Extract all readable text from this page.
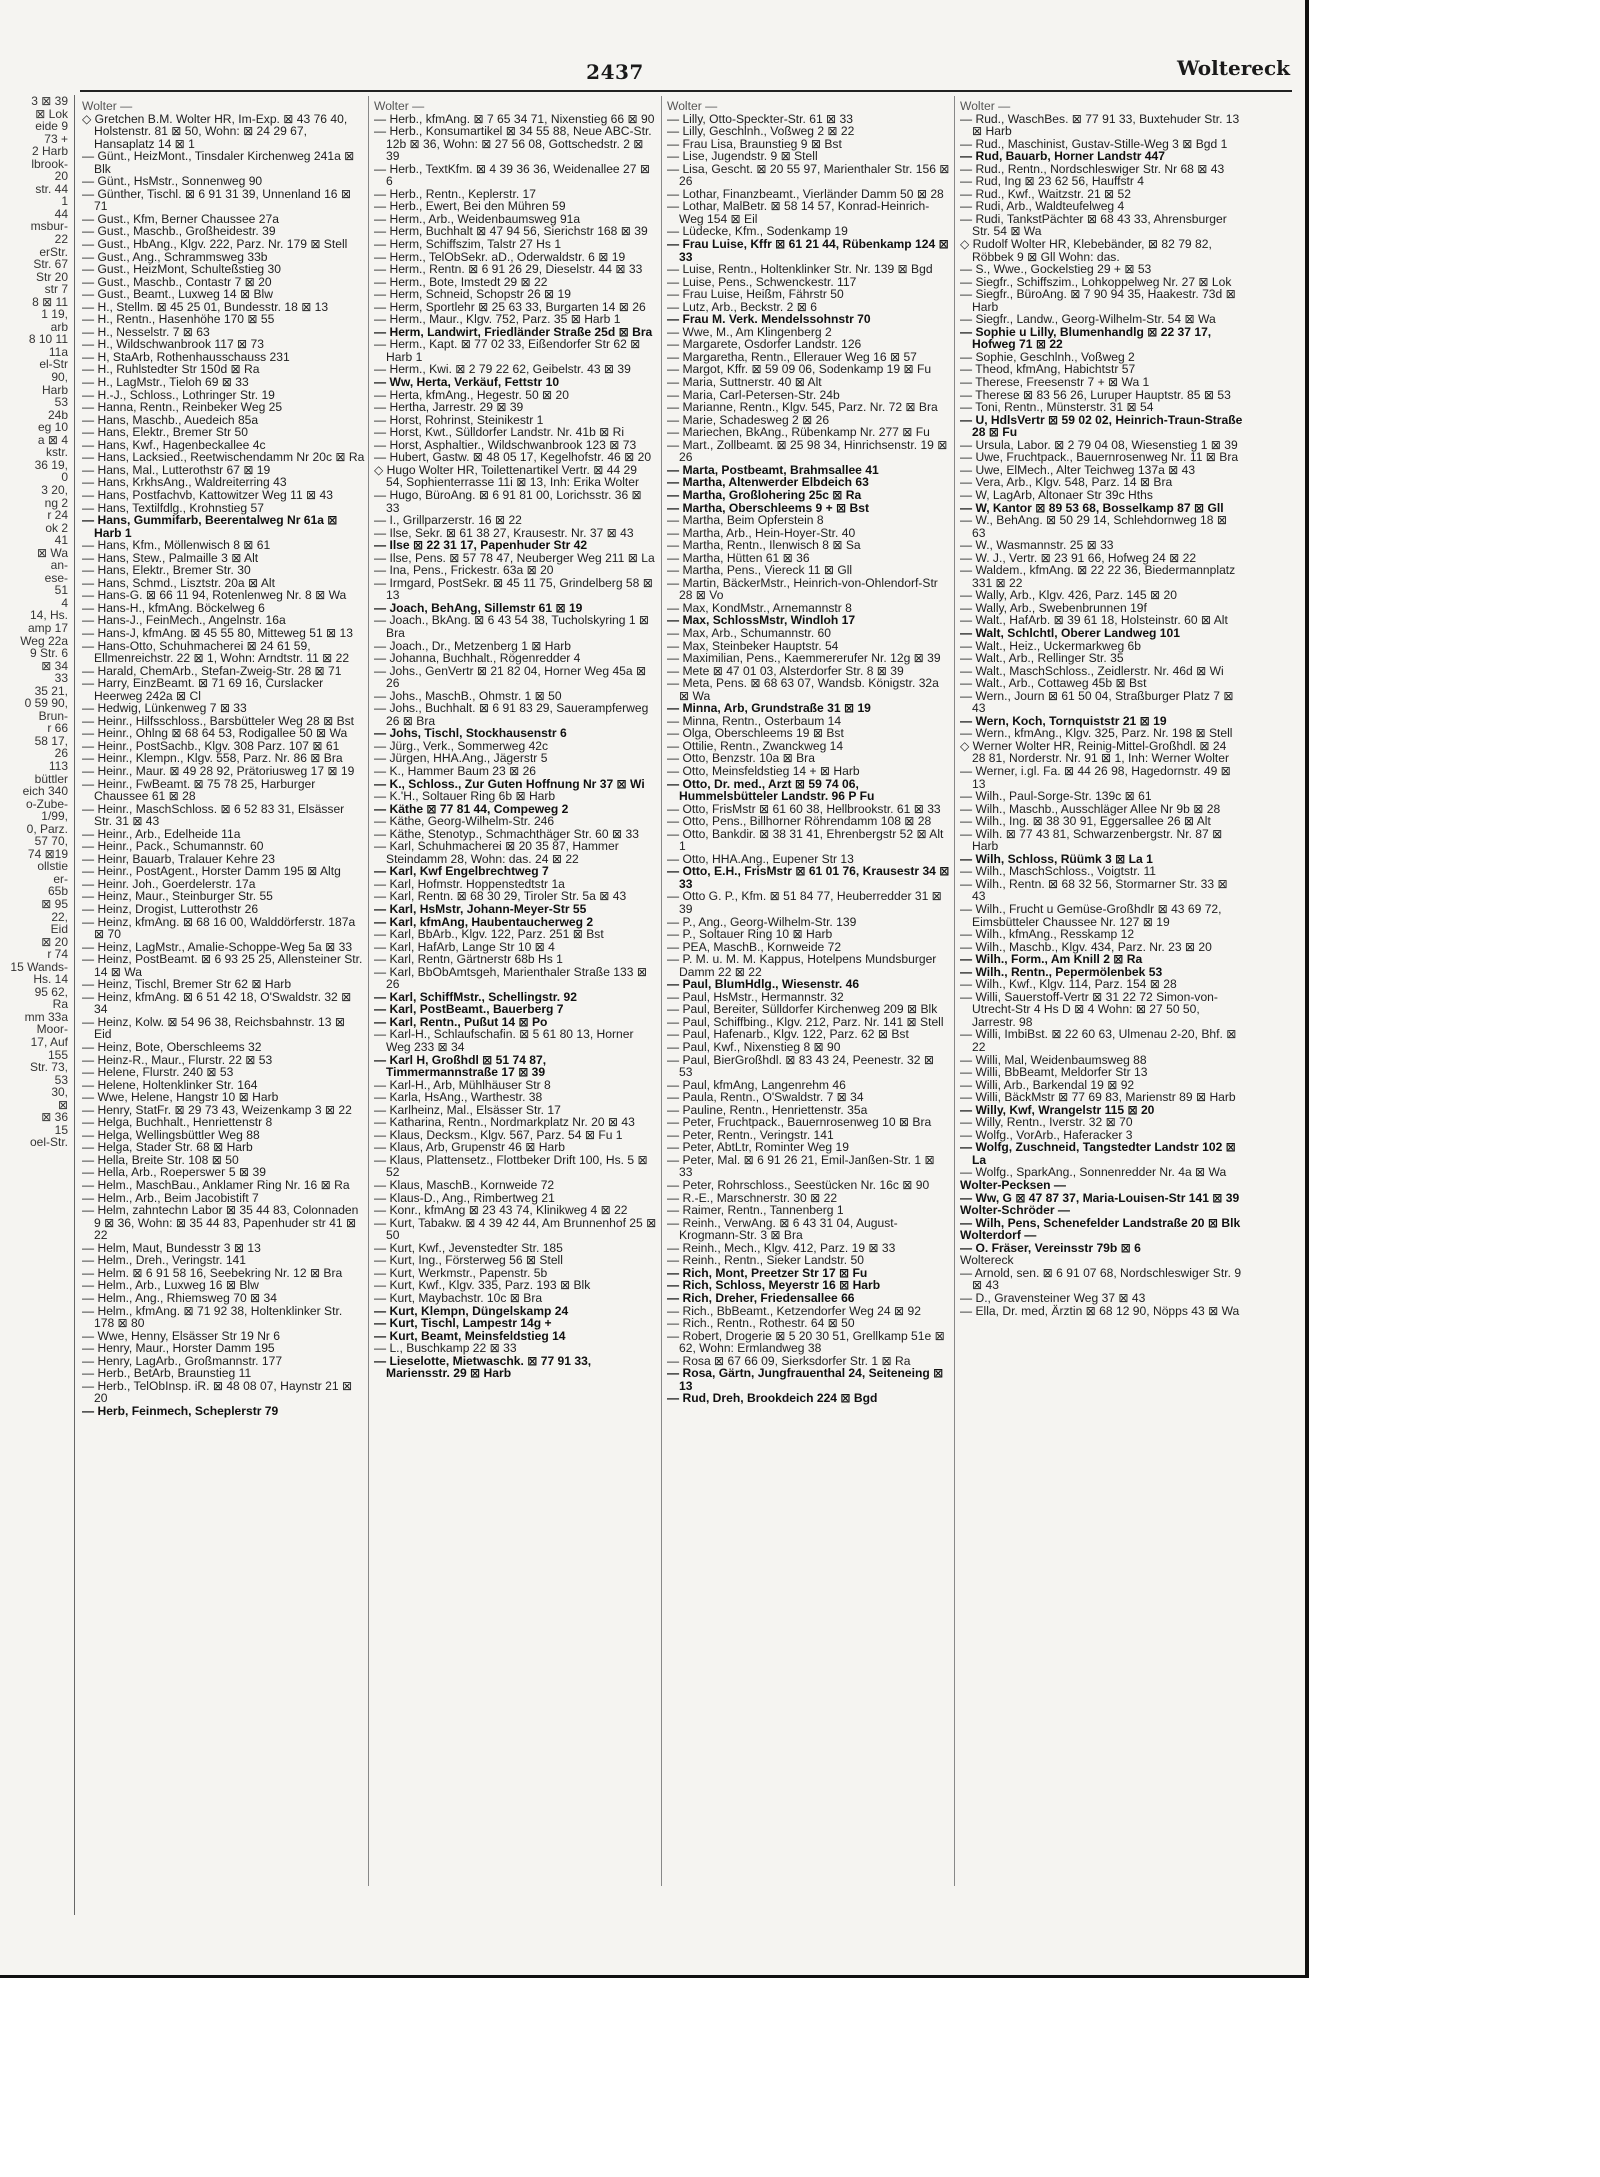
3 ⊠ 39
⊠ Lok
eide 9
73 +
2 Harb
lbrook-
20
str. 44
1
44
msbur-
22
erStr.
Str. 67
Str 20
str 7
8 ⊠ 11
1 19,
arb
8 10 11
11a
el-Str
90,
Harb
53
24b
eg 10
a ⊠ 4
kstr.
36 19,
0
3 20,
ng 2
r 24
ok 2
41
⊠ Wa
an-
ese-
51
4
14, Hs.
amp 17
Weg 22a
9 Str. 6
⊠ 34
33
35 21,
0 59 90,
Brun-
r 66
58 17,
26
113
büttler
eich 340
o-Zube-
1/99,
0, Parz.
57 70,
74 ⊠19
ollstie
er-
65b
⊠ 95
22,
Eid
⊠ 20
r 74
15 Wands-
Hs. 14
95 62,
Ra
mm 33a
Moor-
17, Auf
155
Str. 73,
53
30,
⊠
⊠ 36
15
oel-Str.
2437	Woltereck
Wolter —
◇ Gretchen B.M. Wolter HR, Im-Exp. ⊠ 43 76 40, Holstenstr. 81 ⊠ 50, Wohn: ⊠ 24 29 67, Hansaplatz 14 ⊠ 1
— Günt., HeizMont., Tinsdaler Kirchenweg 241a ⊠ Blk
— Günt., HsMstr., Sonnenweg 90
— Günther, Tischl. ⊠ 6 91 31 39, Unnenland 16 ⊠ 71
— Gust., Kfm, Berner Chaussee 27a
— Gust., Maschb., Großheidestr. 39
— Gust., HbAng., Klgv. 222, Parz. Nr. 179 ⊠ Stell
— Gust., Ang., Schrammsweg 33b
— Gust., HeizMont, Schulteßstieg 30
— Gust., Maschb., Contastr 7 ⊠ 20
— Gust., Beamt., Luxweg 14 ⊠ Blw
— H., Stellm. ⊠ 45 25 01, Bundesstr. 18 ⊠ 13
— H., Rentn., Hasenhöhe 170 ⊠ 55
— H., Nesselstr. 7 ⊠ 63
— H., Wildschwanbrook 117 ⊠ 73
— H, StaArb, Rothenhausschauss 231
— H., Ruhlstedter Str 150d ⊠ Ra
— H., LagMstr., Tieloh 69 ⊠ 33
— H.-J., Schloss., Lothringer Str. 19
— Hanna, Rentn., Reinbeker Weg 25
— Hans, Maschb., Auedeich 85a
— Hans, Elektr., Bremer Str 50
— Hans, Kwf., Hagenbeckallee 4c
— Hans, Lacksied., Reetwischendamm Nr 20c ⊠ Ra
— Hans, Mal., Lutterothstr 67 ⊠ 19
— Hans, KrkhsAng., Waldreiterring 43
— Hans, Postfachvb, Kattowitzer Weg 11 ⊠ 43
— Hans, Textilfdlg., Krohnstieg 57
— Hans, Gummifarb, Beerentalweg Nr 61a ⊠ Harb 1
— Hans, Kfm., Möllenwisch 8 ⊠ 61
— Hans, Stew., Palmaille 3 ⊠ Alt
— Hans, Elektr., Bremer Str. 30
— Hans, Schmd., Lisztstr. 20a ⊠ Alt
— Hans-G. ⊠ 66 11 94, Rotenlenweg Nr. 8 ⊠ Wa
— Hans-H., kfmAng. Böckelweg 6
— Hans-J., FeinMech., Angelnstr. 16a
— Hans-J, kfmAng. ⊠ 45 55 80, Mitteweg 51 ⊠ 13
— Hans-Otto, Schuhmacherei ⊠ 24 61 59, Ellmenreichstr. 22 ⊠ 1, Wohn: Arndtstr. 11 ⊠ 22
— Harald, ChemArb., Stefan-Zweig-Str. 28 ⊠ 71
— Harry, EinzBeamt. ⊠ 71 69 16, Curslacker Heerweg 242a ⊠ Cl
— Hedwig, Lünkenweg 7 ⊠ 33
— Heinr., Hilfsschloss., Barsbütteler Weg 28 ⊠ Bst
— Heinr., Ohlng ⊠ 68 64 53, Rodigallee 50 ⊠ Wa
— Heinr., PostSachb., Klgv. 308 Parz. 107 ⊠ 61
— Heinr., Klempn., Klgv. 558, Parz. Nr. 86 ⊠ Bra
— Heinr., Maur. ⊠ 49 28 92, Prätoriusweg 17 ⊠ 19
— Heinr., FwBeamt. ⊠ 75 78 25, Harburger Chaussee 61 ⊠ 28
— Heinr., MaschSchloss. ⊠ 6 52 83 31, Elsässer Str. 31 ⊠ 43
— Heinr., Arb., Edelheide 11a
— Heinr., Pack., Schumannstr. 60
— Heinr, Bauarb, Tralauer Kehre 23
— Heinr., PostAgent., Horster Damm 195 ⊠ Altg
— Heinr. Joh., Goerdelerstr. 17a
— Heinz, Maur., Steinburger Str. 55
— Heinz, Drogist, Lutterothstr 26
— Heinz, kfmAng. ⊠ 68 16 00, Walddörferstr. 187a ⊠ 70
— Heinz, LagMstr., Amalie-Schoppe-Weg 5a ⊠ 33
— Heinz, PostBeamt. ⊠ 6 93 25 25, Allensteiner Str. 14 ⊠ Wa
— Heinz, Tischl, Bremer Str 62 ⊠ Harb
— Heinz, kfmAng. ⊠ 6 51 42 18, O'Swaldstr. 32 ⊠ 34
— Heinz, Kolw. ⊠ 54 96 38, Reichsbahnstr. 13 ⊠ Eid
— Heinz, Bote, Oberschleems 32
— Heinz-R., Maur., Flurstr. 22 ⊠ 53
— Helene, Flurstr. 240 ⊠ 53
— Helene, Holtenklinker Str. 164
— Wwe, Helene, Hangstr 10 ⊠ Harb
— Henry, StatFr. ⊠ 29 73 43, Weizenkamp 3 ⊠ 22
— Helga, Buchhalt., Henriettenstr 8
— Helga, Wellingsbüttler Weg 88
— Helga, Stader Str. 68 ⊠ Harb
— Hella, Breite Str. 108 ⊠ 50
— Hella, Arb., Roeperswег 5 ⊠ 39
— Helm., MaschBau., Anklamer Ring Nr. 16 ⊠ Ra
— Helm., Arb., Beim Jacobistift 7
— Helm, zahntechn Labor ⊠ 35 44 83, Colonnaden 9 ⊠ 36, Wohn: ⊠ 35 44 83, Papenhuder str 41 ⊠ 22
— Helm, Maut, Bundesstr 3 ⊠ 13
— Helm., Dreh., Veringstr. 141
— Helm. ⊠ 6 91 58 16, Seebekring Nr. 12 ⊠ Bra
— Helm., Arb., Luxweg 16 ⊠ Blw
— Helm., Ang., Rhiemsweg 70 ⊠ 34
— Helm., kfmAng. ⊠ 71 92 38, Holtenklinker Str. 178 ⊠ 80
— Wwe, Henny, Elsässer Str 19 Nr 6
— Henry, Maur., Horster Damm 195
— Henry, LagArb., Großmannstr. 177
— Herb., BetArb, Braunstieg 11
— Herb., TelObInsp. iR. ⊠ 48 08 07, Haynstr 21 ⊠ 20
— Herb, Feinmech, Scheplerstr 79
Wolter —
— Herb., kfmAng. ⊠ 7 65 34 71, Nixenstieg 66 ⊠ 90
— Herb., Konsumartikel ⊠ 34 55 88, Neue ABC-Str. 12b ⊠ 36, Wohn: ⊠ 27 56 08, Gottschedstr. 2 ⊠ 39
— Herb., TextKfm. ⊠ 4 39 36 36, Weidenallee 27 ⊠ 6
— Herb., Rentn., Keplerstr. 17
— Herb., Ewert, Bei den Mühren 59
— Herm., Arb., Weidenbaumsweg 91a
— Herm, Buchhalt ⊠ 47 94 56, Sierichstr 168 ⊠ 39
— Herm, Schiffszim, Talstr 27 Hs 1
— Herm., TelObSekr. aD., Oderwaldstr. 6 ⊠ 19
— Herm., Rentn. ⊠ 6 91 26 29, Dieselstr. 44 ⊠ 33
— Herm., Bote, Imstedt 29 ⊠ 22
— Herm, Schneid, Schopstr 26 ⊠ 19
— Herm, Sportlehr ⊠ 25 63 33, Burgarten 14 ⊠ 26
— Herm., Maur., Klgv. 752, Parz. 35 ⊠ Harb 1
— Herm, Landwirt, Friedländer Straße 25d ⊠ Bra
— Herm., Kapt. ⊠ 77 02 33, Eißendorfer Str 62 ⊠ Harb 1
— Herm., Kwi. ⊠ 2 79 22 62, Geibelstr. 43 ⊠ 39
— Ww, Herta, Verkäuf, Fettstr 10
— Herta, kfmAng., Hegestr. 50 ⊠ 20
— Hertha, Jarrestr. 29 ⊠ 39
— Horst, Rohrinst, Steinikestr 1
— Horst, Kwt., Sülldorfer Landstr. Nr. 41b ⊠ Ri
— Horst, Asphaltier., Wildschwanbrook 123 ⊠ 73
— Hubert, Gastw. ⊠ 48 05 17, Kegelhofstr. 46 ⊠ 20
◇ Hugo Wolter HR, Toilettenartikel Vertr. ⊠ 44 29 54, Sophienterrasse 11i ⊠ 13, Inh: Erika Wolter
— Hugo, BüroAng. ⊠ 6 91 81 00, Lorichsstr. 36 ⊠ 33
— I., Grillparzerstr. 16 ⊠ 22
— Ilse, Sekr. ⊠ 61 38 27, Krausestr. Nr. 37 ⊠ 43
— Ilse ⊠ 22 31 17, Papenhuder Str 42
— Ilse, Pens. ⊠ 57 78 47, Neuberger Weg 211 ⊠ La
— Ina, Pens., Frickestr. 63a ⊠ 20
— Irmgard, PostSekr. ⊠ 45 11 75, Grindelberg 58 ⊠ 13
— Joach, BehAng, Sillemstr 61 ⊠ 19
— Joach., BkAng. ⊠ 6 43 54 38, Tucholskyring 1 ⊠ Bra
— Joach., Dr., Metzenberg 1 ⊠ Harb
— Johanna, Buchhalt., Rögenredder 4
— Johs., GenVertr ⊠ 21 82 04, Horner Weg 45a ⊠ 26
— Johs., MaschB., Ohmstr. 1 ⊠ 50
— Johs., Buchhalt. ⊠ 6 91 83 29, Sauerampferweg 26 ⊠ Bra
— Johs, Tischl, Stockhausenstr 6
— Jürg., Verk., Sommerweg 42c
— Jürgen, HHA.Ang., Jägerstr 5
— K., Hammer Baum 23 ⊠ 26
— K., Schloss., Zur Guten Hoffnung Nr 37 ⊠ Wi
— K.'H., Soltauer Ring 6b ⊠ Harb
— Käthe ⊠ 77 81 44, Compeweg 2
— Käthe, Georg-Wilhelm-Str. 246
— Käthe, Stenotyp., Schmachthäger Str. 60 ⊠ 33
— Karl, Schuhmacherei ⊠ 20 35 87, Hammer Steindamm 28, Wohn: das. 24 ⊠ 22
— Karl, Kwf Engelbrechtweg 7
— Karl, Hofmstr. Hoppenstedtstr 1a
— Karl, Rentn. ⊠ 68 30 29, Tiroler Str. 5a ⊠ 43
— Karl, HsMstr, Johann-Meyer-Str 55
— Karl, kfmAng, Haubentaucherweg 2
— Karl, BbArb., Klgv. 122, Parz. 251 ⊠ Bst
— Karl, HafArb, Lange Str 10 ⊠ 4
— Karl, Rentn, Gärtnerstr 68b Hs 1
— Karl, BbObAmtsgeh, Marienthaler Straße 133 ⊠ 26
— Karl, SchiffMstr., Schellingstr. 92
— Karl, PostBeamt., Bauerberg 7
— Karl, Rentn., Pußut 14 ⊠ Po
— Karl-H., Schlaufschafin. ⊠ 5 61 80 13, Horner Weg 233 ⊠ 34
— Karl H, Großhdl ⊠ 51 74 87, Timmermannstraße 17 ⊠ 39
— Karl-H., Arb, Mühlhäuser Str 8
— Karla, HsAng., Warthestr. 38
— Karlheinz, Mal., Elsässer Str. 17
— Katharina, Rentn., Nordmarkplatz Nr. 20 ⊠ 43
— Klaus, Decksm., Klgv. 567, Parz. 54 ⊠ Fu 1
— Klaus, Arb, Grupenstr 46 ⊠ Harb
— Klaus, Plattensetz., Flottbeker Drift 100, Hs. 5 ⊠ 52
— Klaus, MaschB., Kornweide 72
— Klaus-D., Ang., Rimbertweg 21
— Konr., kfmAng ⊠ 23 43 74, Klinikweg 4 ⊠ 22
— Kurt, Tabakw. ⊠ 4 39 42 44, Am Brunnenhof 25 ⊠ 50
— Kurt, Kwf., Jevenstedter Str. 185
— Kurt, Ing., Försterweg 56 ⊠ Stell
— Kurt, Werkmstr., Papenstr. 5b
— Kurt, Kwf., Klgv. 335, Parz. 193 ⊠ Blk
— Kurt, Maybachstr. 10c ⊠ Bra
— Kurt, Klempn, Düngelskamp 24
— Kurt, Tischl, Lampestr 14g +
— Kurt, Beamt, Meinsfeldstieg 14
— L., Buschkamp 22 ⊠ 33
— Lieselotte, Mietwaschk. ⊠ 77 91 33, Mariensstr. 29 ⊠ Harb
Wolter —
— Lilly, Otto-Speckter-Str. 61 ⊠ 33
— Lilly, Geschlnh., Voßweg 2 ⊠ 22
— Frau Lisa, Braunstieg 9 ⊠ Bst
— Lise, Jugendstr. 9 ⊠ Stell
— Lisa, Gescht. ⊠ 20 55 97, Marienthaler Str. 156 ⊠ 26
— Lothar, Finanzbeamt., Vierländer Damm 50 ⊠ 28
— Lothar, MalBetr. ⊠ 58 14 57, Konrad-Heinrich-Weg 154 ⊠ Eil
— Lüdecke, Kfm., Sodenkamp 19
— Frau Luise, Kffr ⊠ 61 21 44, Rübenkamp 124 ⊠ 33
— Luise, Rentn., Holtenklinker Str. Nr. 139 ⊠ Bgd
— Luise, Pens., Schwenckestr. 117
— Frau Luise, Heißm, Fährstr 50
— Lutz, Arb., Beckstr. 2 ⊠ 6
— Frau M. Verk. Mendelssohnstr 70
— Wwe, M., Am Klingenberg 2
— Margarete, Osdorfer Landstr. 126
— Margaretha, Rentn., Ellerauer Weg 16 ⊠ 57
— Margot, Kffr. ⊠ 59 09 06, Sodenkamp 19 ⊠ Fu
— Maria, Suttnerstr. 40 ⊠ Alt
— Maria, Carl-Petersen-Str. 24b
— Marianne, Rentn., Klgv. 545, Parz. Nr. 72 ⊠ Bra
— Marie, Schadesweg 2 ⊠ 26
— Mariechen, BkAng., Rübenkamp Nr. 277 ⊠ Fu
— Mart., Zollbeamt. ⊠ 25 98 34, Hinrichsenstr. 19 ⊠ 26
— Marta, Postbeamt, Brahmsallee 41
— Martha, Altenwerder Elbdeich 63
— Martha, Großlohering 25c ⊠ Ra
— Martha, Oberschleems 9 + ⊠ Bst
— Martha, Beim Opferstein 8
— Martha, Arb., Hein-Hoyer-Str. 40
— Martha, Rentn., Ilenwisch 8 ⊠ Sa
— Martha, Hütten 61 ⊠ 36
— Martha, Pens., Viereck 11 ⊠ Gll
— Martin, BäckerMstr., Heinrich-von-Ohlendorf-Str 28 ⊠ Vo
— Max, KondMstr., Arnemannstr 8
— Max, SchlossMstr, Windloh 17
— Max, Arb., Schumannstr. 60
— Max, Steinbeker Hauptstr. 54
— Maximilian, Pens., Kaemmererufer Nr. 12g ⊠ 39
— Mete ⊠ 47 01 03, Alsterdorfer Str. 8 ⊠ 39
— Meta, Pens. ⊠ 68 63 07, Wandsb. Königstr. 32a ⊠ Wa
— Minna, Arb, Grundstraße 31 ⊠ 19
— Minna, Rentn., Osterbaum 14
— Olga, Oberschleems 19 ⊠ Bst
— Ottilie, Rentn., Zwanckweg 14
— Otto, Benzstr. 10a ⊠ Bra
— Otto, Meinsfeldstieg 14 + ⊠ Harb
— Otto, Dr. med., Arzt ⊠ 59 74 06, Hummelsbütteler Landstr. 96 P Fu
— Otto, FrisMstr ⊠ 61 60 38, Hellbrookstr. 61 ⊠ 33
— Otto, Pens., Billhorner Röhrendamm 108 ⊠ 28
— Otto, Bankdir. ⊠ 38 31 41, Ehrenbergstr 52 ⊠ Alt 1
— Otto, HHA.Ang., Eupener Str 13
— Otto, E.H., FrisMstr ⊠ 61 01 76, Krausestr 34 ⊠ 33
— Otto G. P., Kfm. ⊠ 51 84 77, Heuberredder 31 ⊠ 39
— P., Ang., Georg-Wilhelm-Str. 139
— P., Soltauer Ring 10 ⊠ Harb
— PEA, MaschB., Kornweide 72
— P. M. u. M. M. Kappus, Hotelpens Mundsburger Damm 22 ⊠ 22
— Paul, BlumHdlg., Wiesenstr. 46
— Paul, HsMstr., Hermannstr. 32
— Paul, Bereiter, Sülldorfer Kirchenweg 209 ⊠ Blk
— Paul, Schiffbing., Klgv. 212, Parz. Nr. 141 ⊠ Stell
— Paul, Hafenarb., Klgv. 122, Parz. 62 ⊠ Bst
— Paul, Kwf., Nixenstieg 8 ⊠ 90
— Paul, BierGroßhdl. ⊠ 83 43 24, Peenestr. 32 ⊠ 53
— Paul, kfmAng, Langenrehm 46
— Paula, Rentn., O'Swaldstr. 7 ⊠ 34
— Pauline, Rentn., Henriettenstr. 35a
— Peter, Fruchtpack., Bauernrosenweg 10 ⊠ Bra
— Peter, Rentn., Veringstr. 141
— Peter, AbtLtr, Rominter Weg 19
— Peter, Mal. ⊠ 6 91 26 21, Emil-Janßen-Str. 1 ⊠ 33
— Peter, Rohrschloss., Seestücken Nr. 16c ⊠ 90
— R.-E., Marschnerstr. 30 ⊠ 22
— Raimer, Rentn., Tannenberg 1
— Reinh., VerwAng. ⊠ 6 43 31 04, August-Krogmann-Str. 3 ⊠ Bra
— Reinh., Mech., Klgv. 412, Parz. 19 ⊠ 33
— Reinh., Rentn., Sieker Landstr. 50
— Rich, Mont, Preetzer Str 17 ⊠ Fu
— Rich, Schloss, Meyerstr 16 ⊠ Harb
— Rich, Dreher, Friedensallee 66
— Rich., BbBeamt., Ketzendorfer Weg 24 ⊠ 92
— Rich., Rentn., Rothestr. 64 ⊠ 50
— Robert, Drogerie ⊠ 5 20 30 51, Grellkamp 51e ⊠ 62, Wohn: Ermlandweg 38
— Rosa ⊠ 67 66 09, Sierksdorfer Str. 1 ⊠ Ra
— Rosa, Gärtn, Jungfrauenthal 24, Seiteneing ⊠ 13
— Rud, Dreh, Brookdeich 224 ⊠ Bgd
Wolter —
— Rud., WaschBes. ⊠ 77 91 33, Buxtehuder Str. 13 ⊠ Harb
— Rud., Maschinist, Gustav-Stille-Weg 3 ⊠ Bgd 1
— Rud, Bauarb, Horner Landstr 447
— Rud., Rentn., Nordschleswiger Str. Nr 68 ⊠ 43
— Rud, Ing ⊠ 23 62 56, Hauffstr 4
— Rud., Kwf., Waitzstr. 21 ⊠ 52
— Rudi, Arb., Waldteufelweg 4
— Rudi, TankstPächter ⊠ 68 43 33, Ahrensburger Str. 54 ⊠ Wa
◇ Rudolf Wolter HR, Klebebänder, ⊠ 82 79 82, Röbbek 9 ⊠ Gll Wohn: das.
— S., Wwe., Gockelstieg 29 + ⊠ 53
— Siegfr., Schiffszim., Lohkoppelweg Nr. 27 ⊠ Lok
— Siegfr., BüroAng. ⊠ 7 90 94 35, Haakestr. 73d ⊠ Harb
— Siegfr., Landw., Georg-Wilhelm-Str. 54 ⊠ Wa
— Sophie u Lilly, Blumenhandlg ⊠ 22 37 17, Hofweg 71 ⊠ 22
— Sophie, Geschlnh., Voßweg 2
— Theod, kfmAng, Habichtstr 57
— Therese, Freesenstr 7 + ⊠ Wa 1
— Therese ⊠ 83 56 26, Luruper Hauptstr. 85 ⊠ 53
— Toni, Rentn., Münsterstr. 31 ⊠ 54
— U, HdlsVertr ⊠ 59 02 02, Heinrich-Traun-Straße 28 ⊠ Fu
— Ursula, Labor. ⊠ 2 79 04 08, Wiesenstieg 1 ⊠ 39
— Uwe, Fruchtpack., Bauernrosenweg Nr. 11 ⊠ Bra
— Uwe, ElMech., Alter Teichweg 137a ⊠ 43
— Vera, Arb., Klgv. 548, Parz. 14 ⊠ Bra
— W, LagArb, Altonaer Str 39c Hths
— W, Kantor ⊠ 89 53 68, Bosselkamp 87 ⊠ Gll
— W., BehAng. ⊠ 50 29 14, Schlehdornweg 18 ⊠ 63
— W., Wasmannstr. 25 ⊠ 33
— W. J., Vertr. ⊠ 23 91 66, Hofweg 24 ⊠ 22
— Waldem., kfmAng. ⊠ 22 22 36, Biedermannplatz 331 ⊠ 22
— Wally, Arb., Klgv. 426, Parz. 145 ⊠ 20
— Wally, Arb., Swebenbrunnen 19f
— Walt., HafArb. ⊠ 39 61 18, Holsteinstr. 60 ⊠ Alt
— Walt, Schlchtl, Oberer Landweg 101
— Walt., Heiz., Uckermarkweg 6b
— Walt., Arb., Rellinger Str. 35
— Walt., MaschSchloss., Zeidlerstr. Nr. 46d ⊠ Wi
— Walt., Arb., Cottaweg 45b ⊠ Bst
— Wern., Journ ⊠ 61 50 04, Straßburger Platz 7 ⊠ 43
— Wern, Koch, Tornquiststr 21 ⊠ 19
— Wern., kfmAng., Klgv. 325, Parz. Nr. 198 ⊠ Stell
◇ Werner Wolter HR, Reinig-Mittel-Großhdl. ⊠ 24 28 81, Norderstr. Nr. 91 ⊠ 1, Inh: Werner Wolter
— Werner, i.gl. Fa. ⊠ 44 26 98, Hagedornstr. 49 ⊠ 13
— Wilh., Paul-Sorge-Str. 139c ⊠ 61
— Wilh., Maschb., Ausschläger Allee Nr 9b ⊠ 28
— Wilh., Ing. ⊠ 38 30 91, Eggersallee 26 ⊠ Alt
— Wilh. ⊠ 77 43 81, Schwarzenbergstr. Nr. 87 ⊠ Harb
— Wilh, Schloss, Rüümk 3 ⊠ La 1
— Wilh., MaschSchloss., Voigtstr. 11
— Wilh., Rentn. ⊠ 68 32 56, Stormarner Str. 33 ⊠ 43
— Wilh., Frucht u Gemüse-Großhdlr ⊠ 43 69 72, Eimsbütteler Chaussee Nr. 127 ⊠ 19
— Wilh., kfmAng., Resskamp 12
— Wilh., Maschb., Klgv. 434, Parz. Nr. 23 ⊠ 20
— Wilh., Form., Am Knill 2 ⊠ Ra
— Wilh., Rentn., Pepermölenbek 53
— Wilh., Kwf., Klgv. 114, Parz. 154 ⊠ 28
— Willi, Sauerstoff-Vertr ⊠ 31 22 72 Simon-von-Utrecht-Str 4 Hs D ⊠ 4 Wohn: ⊠ 27 50 50, Jarrestr. 98
— Willi, ImbiBst. ⊠ 22 60 63, Ulmenau 2-20, Bhf. ⊠ 22
— Willi, Mal, Weidenbaumsweg 88
— Willi, BbBeamt, Meldorfer Str 13
— Willi, Arb., Barkendal 19 ⊠ 92
— Willi, BäckMstr ⊠ 77 69 83, Marienstr 89 ⊠ Harb
— Willy, Kwf, Wrangelstr 115 ⊠ 20
— Willy, Rentn., Iverstr. 32 ⊠ 70
— Wolfg., VorArb., Haferacker 3
— Wolfg, Zuschneid, Tangstedter Landstr 102 ⊠ La
— Wolfg., SparkAng., Sonnenredder Nr. 4a ⊠ Wa
Wolter-Pecksen —
— Ww, G ⊠ 47 87 37, Maria-Louisen-Str 141 ⊠ 39
Wolter-Schröder —
— Wilh, Pens, Schenefelder Landstraße 20 ⊠ Blk
Wolterdorf —
— O. Fräser, Vereinsstr 79b ⊠ 6
Woltereck
— Arnold, sen. ⊠ 6 91 07 68, Nordschleswiger Str. 9 ⊠ 43
— D., Gravensteiner Weg 37 ⊠ 43
— Ella, Dr. med, Ärztin ⊠ 68 12 90, Nöpps 43 ⊠ Wa
